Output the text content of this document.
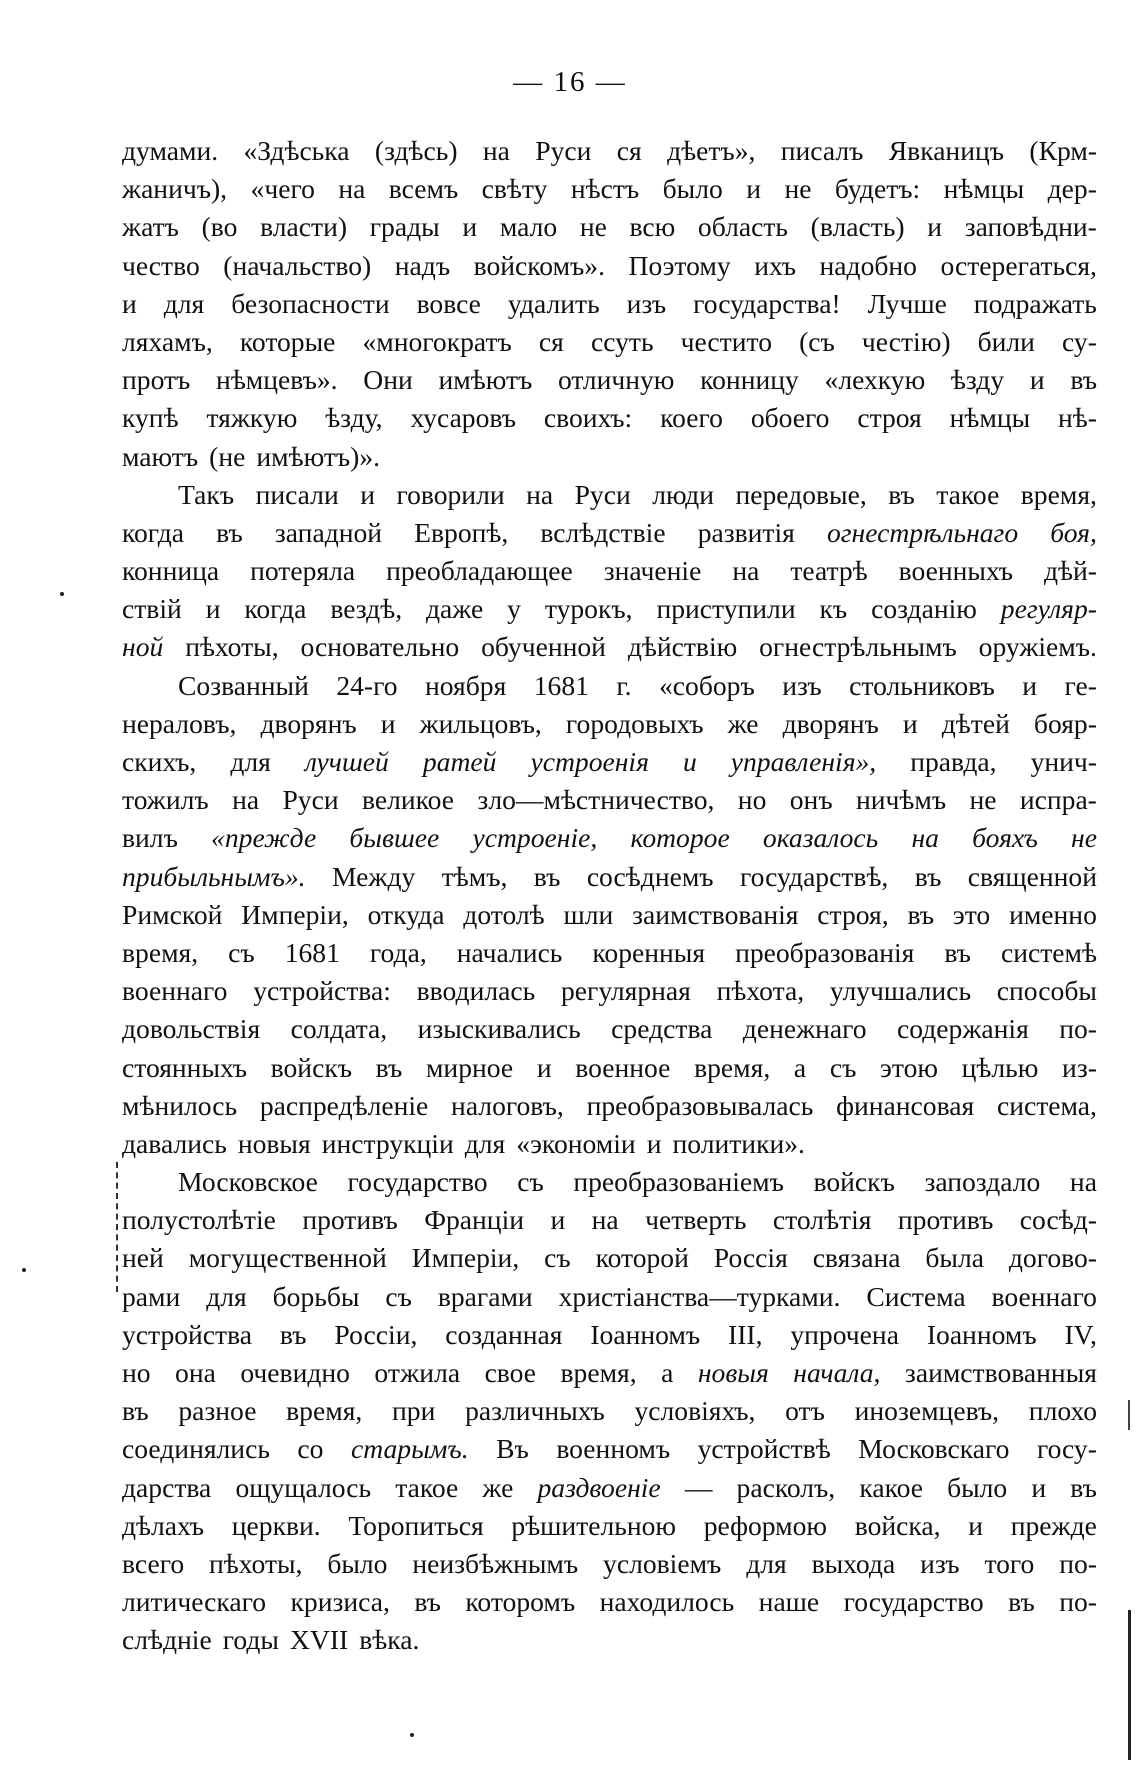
— 16 —
думами. «Здѣська (здѣсь) на Руси ся дѣетъ», писалъ Явканицъ (Крм-
жаничъ), «чего на всемъ свѣту нѣстъ было и не будетъ: нѣмцы дер-
жатъ (во власти) грады и мало не всю область (власть) и заповѣдни-
чество (начальство) надъ войскомъ». Поэтому ихъ надобно остерегаться,
и для безопасности вовсе удалить изъ государства! Лучше подражать
ляхамъ, которые «многократъ ся ссуть честито (съ честію) били су-
протъ нѣмцевъ». Они имѣютъ отличную конницу «лехкую ѣзду и въ
купѣ тяжкую ѣзду, хусаровъ своихъ: коего обоего строя нѣмцы нѣ-
маютъ (не имѣютъ)».
Такъ писали и говорили на Руси люди передовые, въ такое время,
когда въ западной Европѣ, вслѣдствіе развитія огнестрѣльнаго боя,
конница потеряла преобладающее значеніе на театрѣ военныхъ дѣй-
ствій и когда вездѣ, даже у турокъ, приступили къ созданію регуляр-
ной пѣхоты, основательно обученной дѣйствію огнестрѣльнымъ оружіемъ.
Созванный 24-го ноября 1681 г. «соборъ изъ стольниковъ и ге-
нераловъ, дворянъ и жильцовъ, городовыхъ же дворянъ и дѣтей бояр-
скихъ, для лучшей ратей устроенія и управленія», правда, унич-
тожилъ на Руси великое зло—мѣстничество, но онъ ничѣмъ не испра-
вилъ «прежде бывшее устроеніе, которое оказалось на бояхъ не
прибыльнымъ». Между тѣмъ, въ сосѣднемъ государствѣ, въ священной
Римской Имперіи, откуда дотолѣ шли заимствованія строя, въ это именно
время, съ 1681 года, начались коренныя преобразованія въ системѣ
военнаго устройства: вводилась регулярная пѣхота, улучшались способы
довольствія солдата, изыскивались средства денежнаго содержанія по-
стоянныхъ войскъ въ мирное и военное время, а съ этою цѣлью из-
мѣнилось распредѣленіе налоговъ, преобразовывалась финансовая система,
давались новыя инструкціи для «экономіи и политики».
Московское государство съ преобразованіемъ войскъ запоздало на
полустолѣтіе противъ Франціи и на четверть столѣтія противъ сосѣд-
ней могущественной Имперіи, съ которой Россія связана была догово-
рами для борьбы съ врагами христіанства—турками. Система военнаго
устройства въ Россіи, созданная Іоанномъ III, упрочена Іоанномъ IV,
но она очевидно отжила свое время, а новыя начала, заимствованныя
въ разное время, при различныхъ условіяхъ, отъ иноземцевъ, плохо
соединялись со старымъ. Въ военномъ устройствѣ Московскаго госу-
дарства ощущалось такое же раздвоеніе — расколъ, какое было и въ
дѣлахъ церкви. Торопиться рѣшительною реформою войска, и прежде
всего пѣхоты, было неизбѣжнымъ условіемъ для выхода изъ того по-
литическаго кризиса, въ которомъ находилось наше государство въ по-
слѣдніе годы XVII вѣка.
